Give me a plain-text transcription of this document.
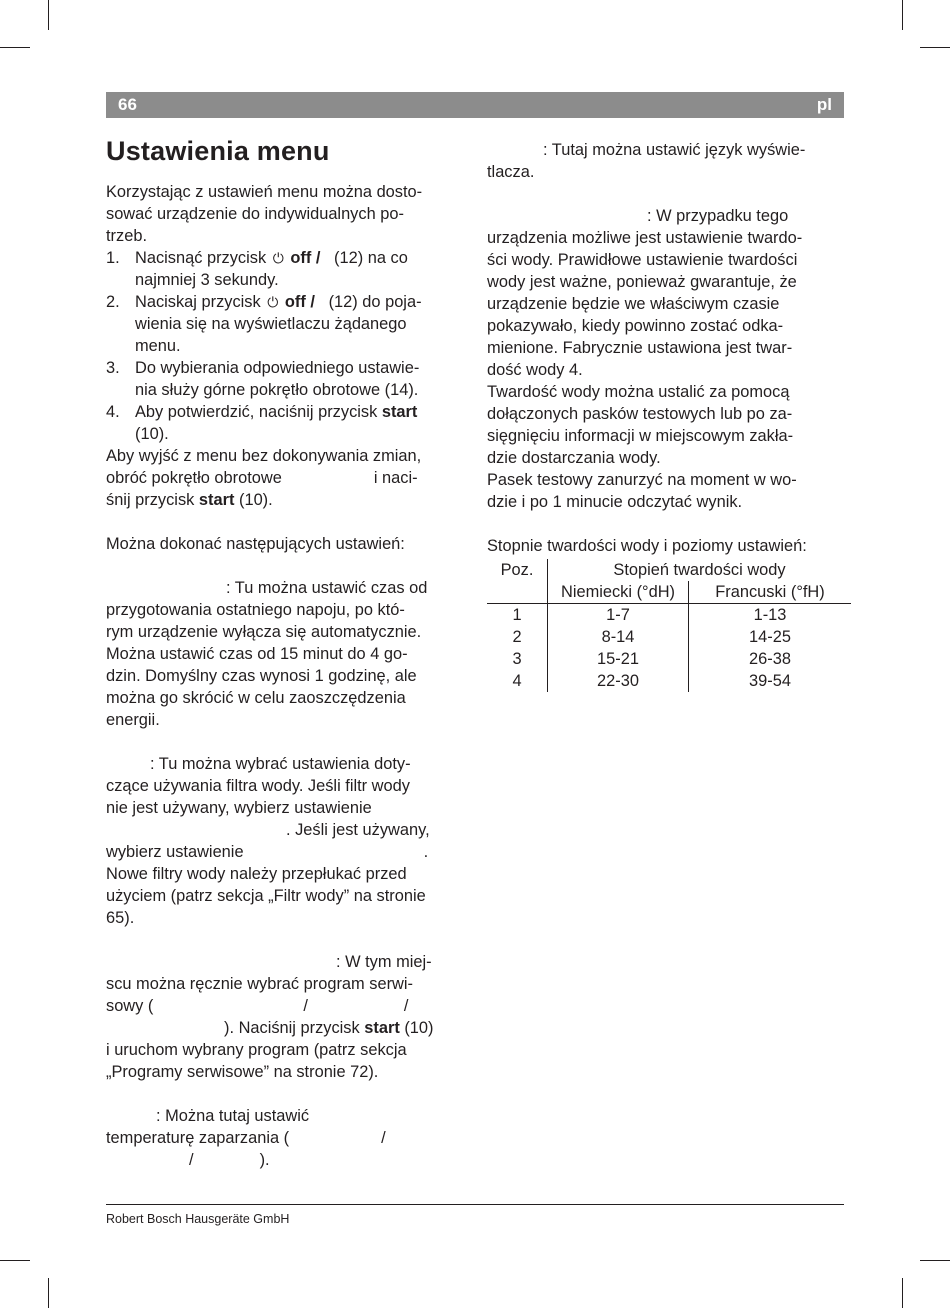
66	pl
Ustawienia menu

Korzystając z ustawień menu można dosto-

sować urządzenie do indywidualnych po-

trzeb.

1. Nacisnąć przycisk ⏻ off /   (12) na co
najmniej 3 sekundy.
2. Naciskaj przycisk ⏻ off /   (12) do poja-
wienia się na wyświetlaczu żądanego
menu.
3. Do wybierania odpowiedniego ustawie-
nia służy górne pokrętło obrotowe (14).
4. Aby potwierdzić, naciśnij przycisk start
(10).

Aby wyjść z menu bez dokonywania zmian,

obróć pokrętło obrotowe	i naci-

śnij przycisk start (10).

Można dokonać następujących ustawień:

: Tu można ustawić czas od

przygotowania ostatniego napoju, po któ-

rym urządzenie wyłącza się automatycznie.

Można ustawić czas od 15 minut do 4 go-

dzin. Domyślny czas wynosi 1 godzinę, ale

można go skrócić w celu zaoszczędzenia

energii.

: Tu można wybrać ustawienia doty-

czące używania filtra wody. Jeśli filtr wody

nie jest używany, wybierz ustawienie

. Jeśli jest używany,

wybierz ustawienie	.

Nowe filtry wody należy przepłukać przed

użyciem (patrz sekcja „Filtr wody” na stronie

65).

: W tym miej-

scu można ręcznie wybrać program serwi-

sowy (	/	/

). Naciśnij przycisk start (10)

i uruchom wybrany program (patrz sekcja

„Programy serwisowe” na stronie 72).

: Można tutaj ustawić

temperaturę zaparzania (	/

/	).

: Tutaj można ustawić język wyświe-

tlacza.

: W przypadku tego

urządzenia możliwe jest ustawienie twardo-

ści wody. Prawidłowe ustawienie twardości

wody jest ważne, ponieważ gwarantuje, że

urządzenie będzie we właściwym czasie

pokazywało, kiedy powinno zostać odka-

mienione. Fabrycznie ustawiona jest twar-

dość wody 4.

Twardość wody można ustalić za pomocą

dołączonych pasków testowych lub po za-

sięgnięciu informacji w miejscowym zakła-

dzie dostarczania wody.

Pasek testowy zanurzyć na moment w wo-

dzie i po 1 minucie odczytać wynik.

Stopnie twardości wody i poziomy ustawień:

Poz.	Stopień twardości wody	
	Niemiecki (°dH)	Francuski (°fH)
1	1-7	1-13
2	8-14	14-25
3	15-21	26-38
4	22-30	39-54
Robert Bosch Hausgeräte GmbH
